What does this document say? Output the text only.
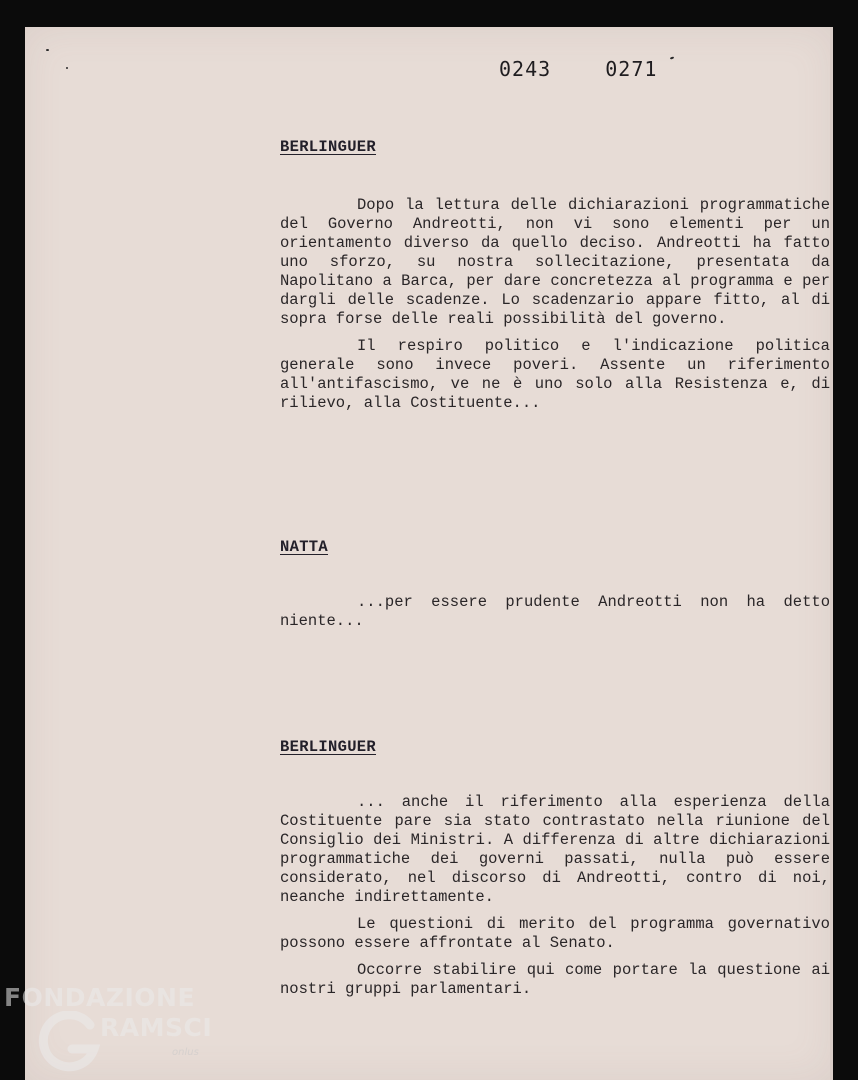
0243  0271
BERLINGUER

Dopo la lettura delle dichiarazioni programmatiche del Governo Andreotti, non vi sono elementi per un orientamento diverso da quello deciso. Andreotti ha fatto uno sforzo, su nostra sollecitazione, presentata da Napolitano a Barca, per dare concretezza al programma e per dargli delle scadenze. Lo scadenzario appare fitto, al di sopra forse delle reali possibilità del governo.

Il respiro politico e l'indicazione politica generale sono invece poveri. Assente un riferimento all'antifascismo, ve ne è uno solo alla Resistenza e, di rilievo, alla Costituente...

NATTA

...per essere prudente Andreotti non ha detto niente...

BERLINGUER

... anche il riferimento alla esperienza della Costituente pare sia stato contrastato nella riunione del Consiglio dei Ministri. A differenza di altre dichiarazioni programmatiche dei governi passati, nulla può essere considerato, nel discorso di Andreotti, contro di noi, neanche indirettamente.

Le questioni di merito del programma governativo possono essere affrontate al Senato.

Occorre stabilire qui come portare la questione ai nostri gruppi parlamentari.

FONDAZIONE
RAMSCI
onlus
